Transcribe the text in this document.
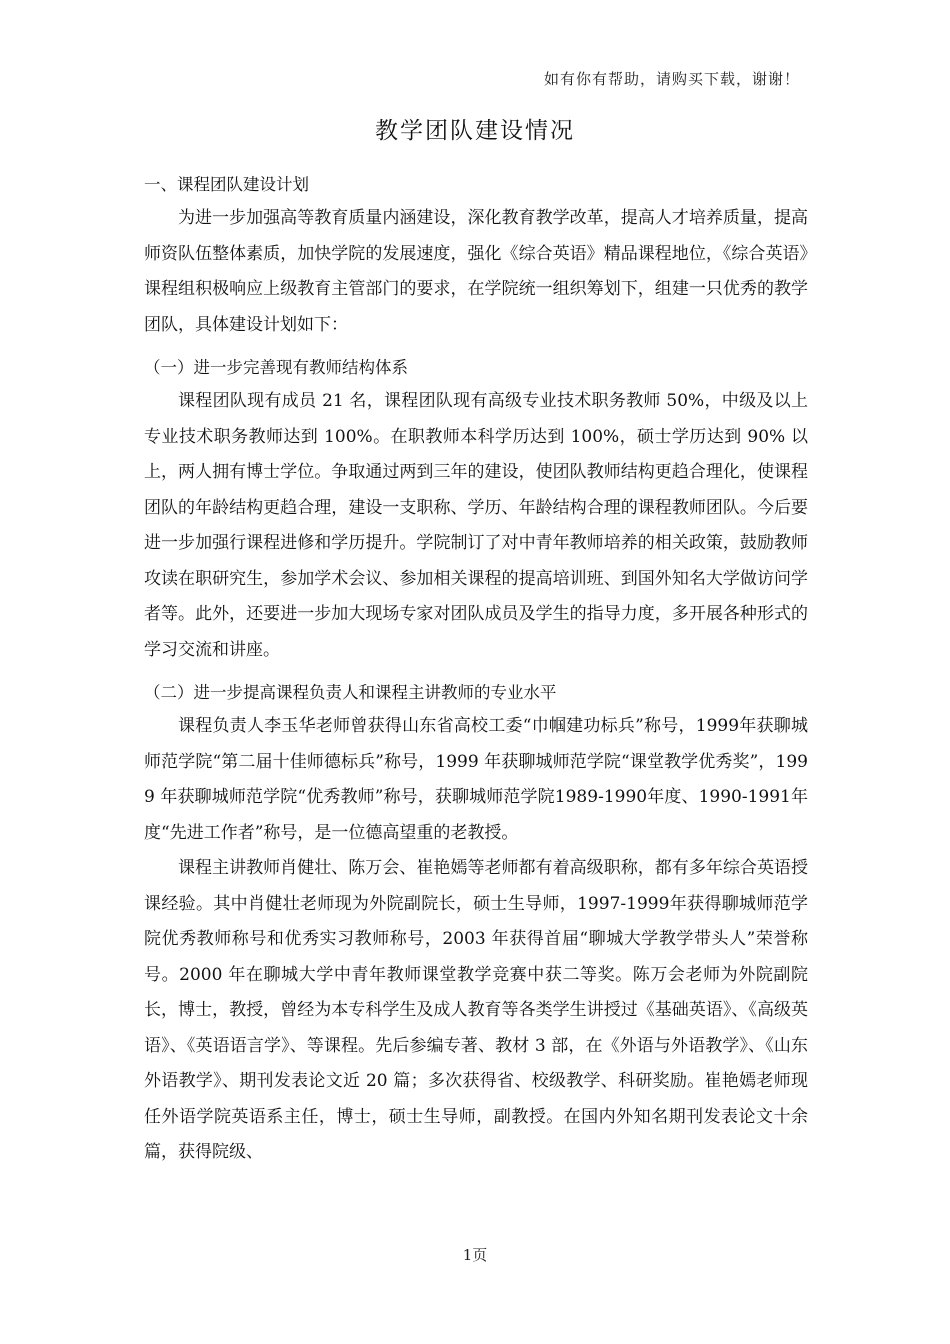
如有你有帮助，请购买下载，谢谢！
教学团队建设情况
一、课程团队建设计划

为进一步加强高等教育质量内涵建设，深化教育教学改革，提高人才培养质量，提高师资队伍整体素质，加快学院的发展速度，强化《综合英语》精品课程地位，《综合英语》课程组积极响应上级教育主管部门的要求，在学院统一组织筹划下，组建一只优秀的教学团队，具体建设计划如下：

（一）进一步完善现有教师结构体系

课程团队现有成员 21 名，课程团队现有高级专业技术职务教师 50%，中级及以上专业技术职务教师达到 100%。在职教师本科学历达到 100%，硕士学历达到 90% 以上，两人拥有博士学位。争取通过两到三年的建设，使团队教师结构更趋合理化，使课程团队的年龄结构更趋合理，建设一支职称、学历、年龄结构合理的课程教师团队。今后要进一步加强行课程进修和学历提升。学院制订了对中青年教师培养的相关政策，鼓励教师攻读在职研究生，参加学术会议、参加相关课程的提高培训班、到国外知名大学做访问学者等。此外，还要进一步加大现场专家对团队成员及学生的指导力度，多开展各种形式的学习交流和讲座。

（二）进一步提高课程负责人和课程主讲教师的专业水平

课程负责人李玉华老师曾获得山东省高校工委“巾帼建功标兵”称号，1999年获聊城师范学院“第二届十佳师德标兵”称号，1999 年获聊城师范学院“课堂教学优秀奖”，1999 年获聊城师范学院“优秀教师”称号，获聊城师范学院1989-1990年度、1990-1991年度“先进工作者”称号，是一位德高望重的老教授。

课程主讲教师肖健壮、陈万会、崔艳嫣等老师都有着高级职称，都有多年综合英语授课经验。其中肖健壮老师现为外院副院长，硕士生导师，1997-1999年获得聊城师范学院优秀教师称号和优秀实习教师称号，2003 年获得首届“聊城大学教学带头人”荣誉称号。2000 年在聊城大学中青年教师课堂教学竞赛中获二等奖。陈万会老师为外院副院长，博士，教授，曾经为本专科学生及成人教育等各类学生讲授过《基础英语》、《高级英语》、《英语语言学》、等课程。先后参编专著、教材 3 部，在《外语与外语教学》、《山东外语教学》、期刊发表论文近 20 篇；多次获得省、校级教学、科研奖励。崔艳嫣老师现任外语学院英语系主任，博士，硕士生导师，副教授。在国内外知名期刊发表论文十余篇，获得院级、

1页
